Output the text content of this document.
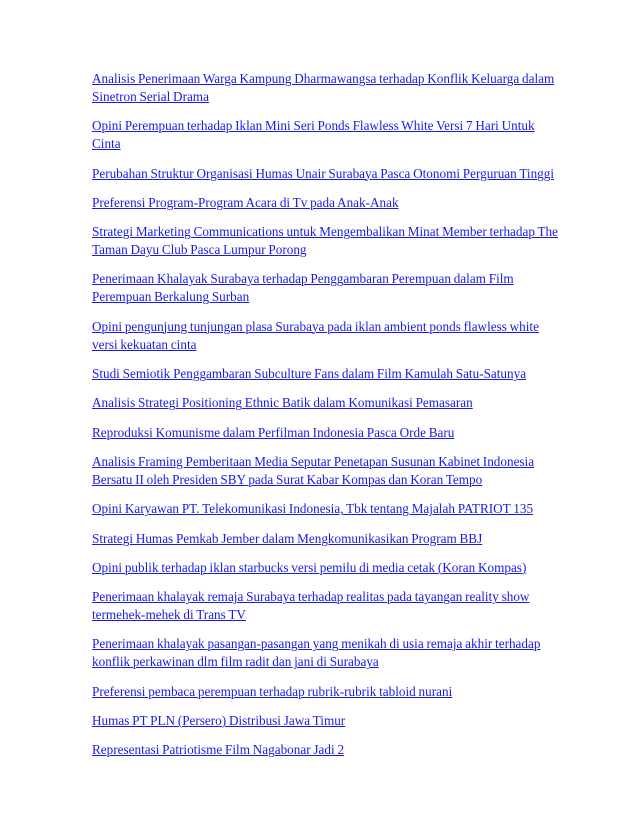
Analisis Penerimaan Warga Kampung Dharmawangsa terhadap Konflik Keluarga dalam Sinetron Serial Drama
Opini Perempuan terhadap Iklan Mini Seri Ponds Flawless White Versi 7 Hari Untuk Cinta
Perubahan Struktur Organisasi Humas Unair Surabaya Pasca Otonomi Perguruan Tinggi
Preferensi Program-Program Acara di Tv pada Anak-Anak
Strategi Marketing Communications untuk Mengembalikan Minat Member terhadap The Taman Dayu Club Pasca Lumpur Porong
Penerimaan Khalayak Surabaya terhadap Penggambaran Perempuan dalam Film Perempuan Berkalung Surban
Opini pengunjung tunjungan plasa Surabaya pada iklan ambient ponds flawless white versi kekuatan cinta
Studi Semiotik Penggambaran Subculture Fans dalam Film Kamulah Satu-Satunya
Analisis Strategi Positioning Ethnic Batik dalam Komunikasi Pemasaran
Reproduksi Komunisme dalam Perfilman Indonesia Pasca Orde Baru
Analisis Framing Pemberitaan Media Seputar Penetapan Susunan Kabinet Indonesia Bersatu II oleh Presiden SBY pada Surat Kabar Kompas dan Koran Tempo
Opini Karyawan PT. Telekomunikasi Indonesia, Tbk tentang Majalah PATRIOT 135
Strategi Humas Pemkab Jember dalam Mengkomunikasikan Program BBJ
Opini publik terhadap iklan starbucks versi pemilu di media cetak (Koran Kompas)
Penerimaan khalayak remaja Surabaya terhadap realitas pada tayangan reality show termehek-mehek di Trans TV
Penerimaan khalayak pasangan-pasangan yang menikah di usia remaja akhir terhadap konflik perkawinan dlm film radit dan jani di Surabaya
Preferensi pembaca perempuan terhadap rubrik-rubrik tabloid nurani
Humas PT PLN (Persero) Distribusi Jawa Timur
Representasi Patriotisme Film Nagabonar Jadi 2
